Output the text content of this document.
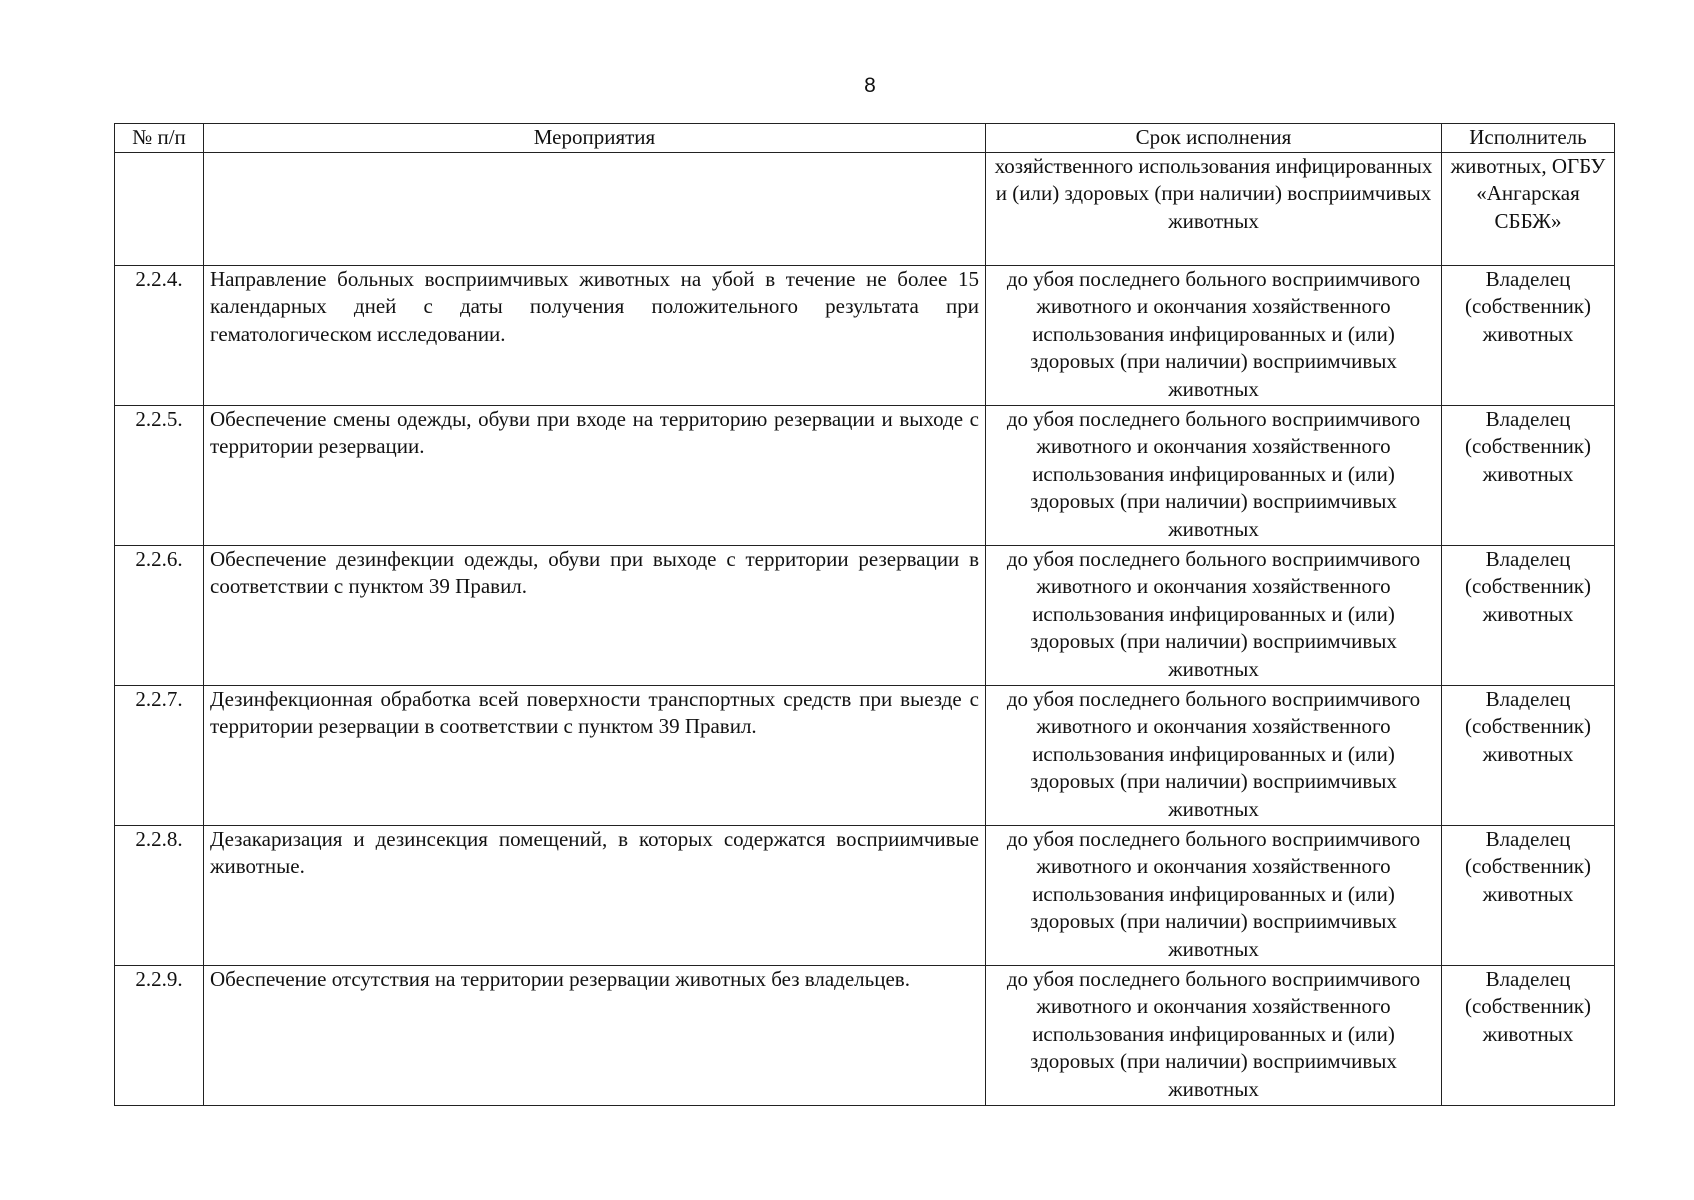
8
№ п/п	Мероприятия	Срок исполнения	Исполнитель
		хозяйственного использования инфицированных и (или) здоровых (при наличии) восприимчивых животных	животных, ОГБУ «Ангарская СББЖ»
2.2.4.	Направление больных восприимчивых животных на убой в течение не более 15 календарных дней с даты получения положительного результата при гематологическом исследовании.	до убоя последнего больного восприимчивого животного и окончания хозяйственного использования инфицированных и (или) здоровых (при наличии) восприимчивых животных	Владелец (собственник) животных
2.2.5.	Обеспечение смены одежды, обуви при входе на территорию резервации и выходе с территории резервации.	до убоя последнего больного восприимчивого животного и окончания хозяйственного использования инфицированных и (или) здоровых (при наличии) восприимчивых животных	Владелец (собственник) животных
2.2.6.	Обеспечение дезинфекции одежды, обуви при выходе с территории резервации в соответствии с пунктом 39 Правил.	до убоя последнего больного восприимчивого животного и окончания хозяйственного использования инфицированных и (или) здоровых (при наличии) восприимчивых животных	Владелец (собственник) животных
2.2.7.	Дезинфекционная обработка всей поверхности транспортных средств при выезде с территории резервации в соответствии с пунктом 39 Правил.	до убоя последнего больного восприимчивого животного и окончания хозяйственного использования инфицированных и (или) здоровых (при наличии) восприимчивых животных	Владелец (собственник) животных
2.2.8.	Дезакаризация и дезинсекция помещений, в которых содержатся восприимчивые животные.	до убоя последнего больного восприимчивого животного и окончания хозяйственного использования инфицированных и (или) здоровых (при наличии) восприимчивых животных	Владелец (собственник) животных
2.2.9.	Обеспечение отсутствия на территории резервации животных без владельцев.	до убоя последнего больного восприимчивого животного и окончания хозяйственного использования инфицированных и (или) здоровых (при наличии) восприимчивых животных	Владелец (собственник) животных
